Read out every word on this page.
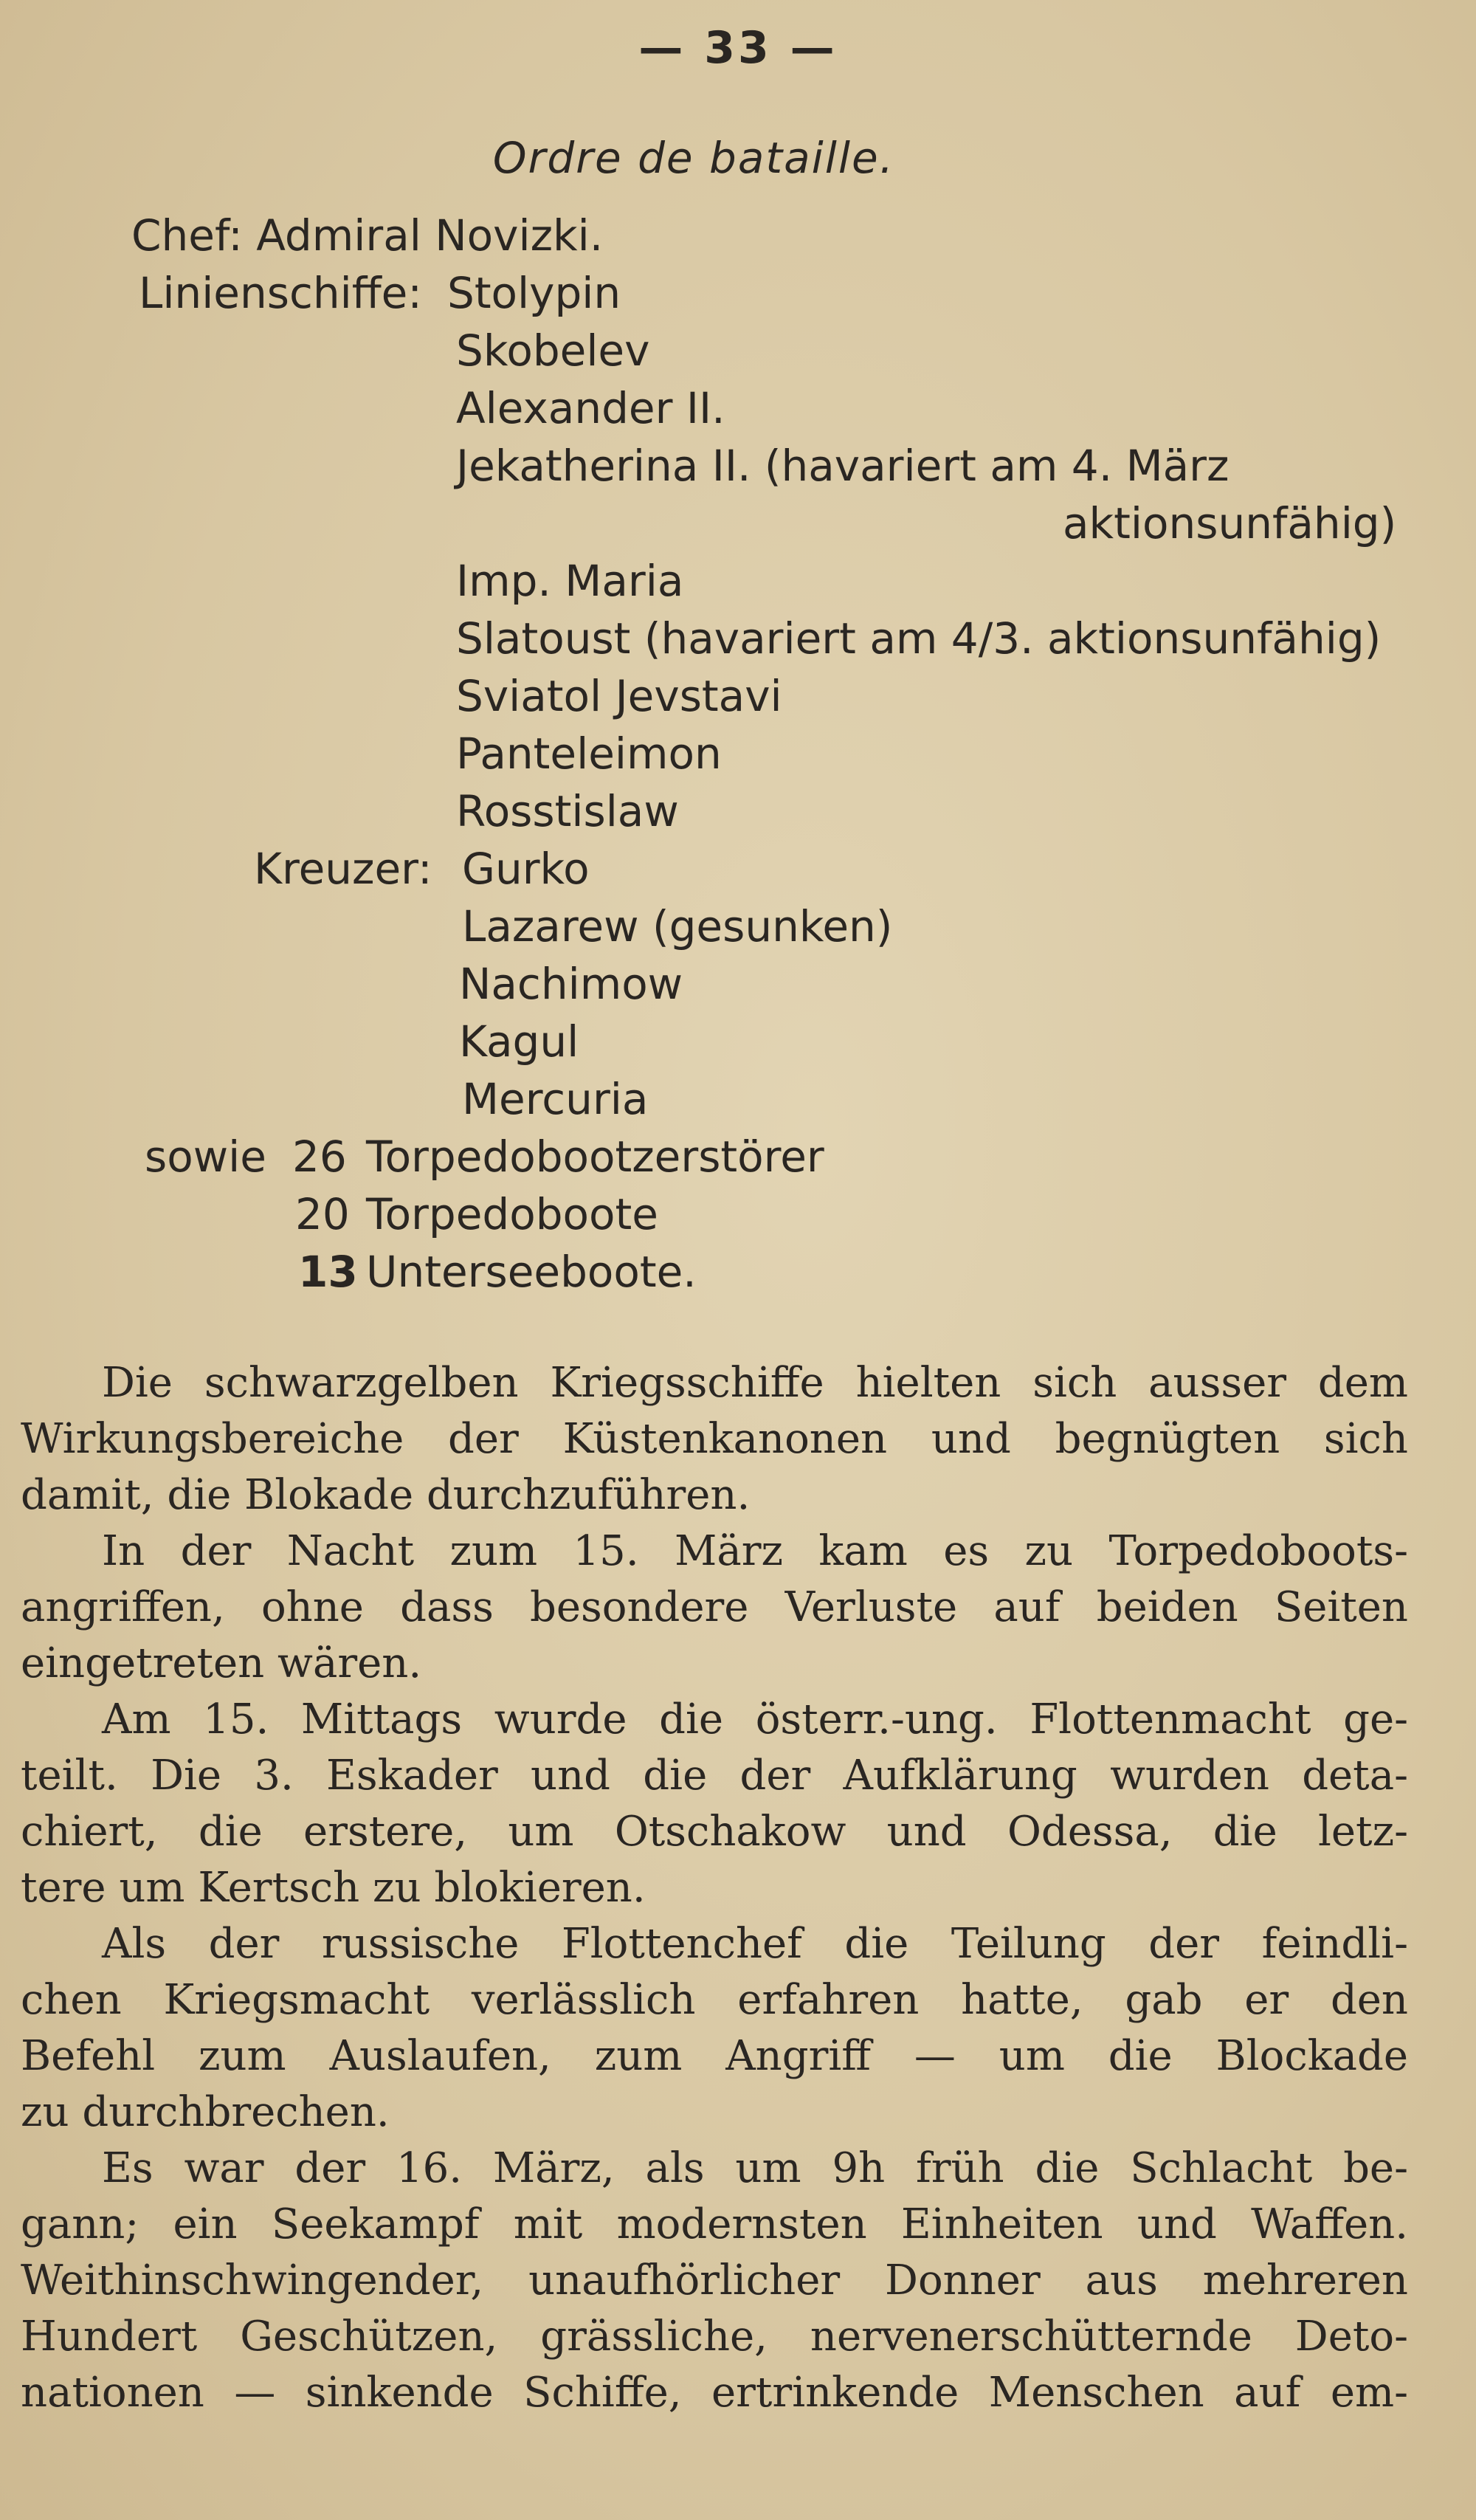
— 33 —
Ordre de bataille.
Chef: Admiral Novizki.
Linienschiffe: Stolypin
Skobelev
Alexander II.
Jekatherina II. (havariert am 4. März
aktionsunfähig)
Imp. Maria
Slatoust (havariert am 4/3. aktionsunfähig)
Sviatol Jevstavi
Panteleimon
Rosstislaw
Kreuzer: Gurko
Lazarew (gesunken)
Nachimow
Kagul
Mercuria
sowie 26 Torpedobootzerstörer
20 Torpedoboote
13 Unterseeboote.
Die schwarzgelben Kriegsschiffe hielten sich ausser dem
Wirkungsbereiche der Küstenkanonen und begnügten sich
damit, die Blokade durchzuführen.
In der Nacht zum 15. März kam es zu Torpedoboots-
angriffen, ohne dass besondere Verluste auf beiden Seiten
eingetreten wären.
Am 15. Mittags wurde die österr.-ung. Flottenmacht ge-
teilt. Die 3. Eskader und die der Aufklärung wurden deta-
chiert, die erstere, um Otschakow und Odessa, die letz-
tere um Kertsch zu blokieren.
Als der russische Flottenchef die Teilung der feindli-
chen Kriegsmacht verlässlich erfahren hatte, gab er den
Befehl zum Auslaufen, zum Angriff — um die Blockade
zu durchbrechen.
Es war der 16. März, als um 9h früh die Schlacht be-
gann; ein Seekampf mit modernsten Einheiten und Waffen.
Weithinschwingender, unaufhörlicher Donner aus mehreren
Hundert Geschützen, grässliche, nervenerschütternde Deto-
nationen — sinkende Schiffe, ertrinkende Menschen auf em-
